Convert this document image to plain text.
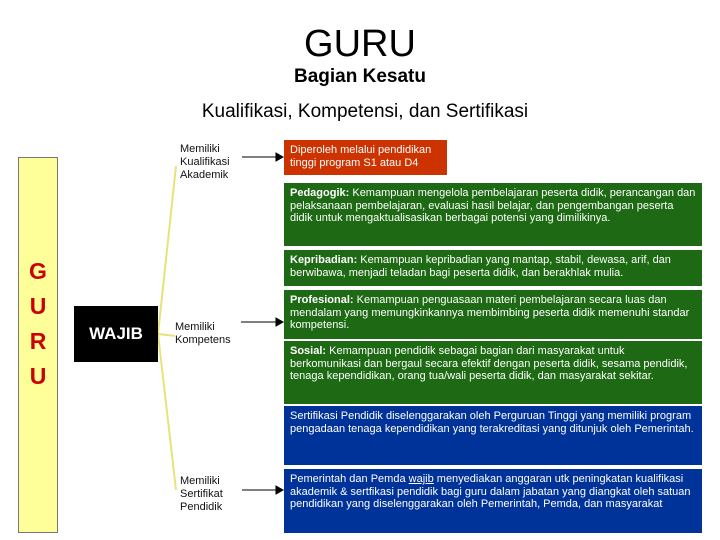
GURU
Bagian Kesatu
Kualifikasi, Kompetensi, dan Sertifikasi
G
U
R
U
WAJIB
Memiliki
Kualifikasi
Akademik
Memiliki
Kompetens
Memiliki
Sertifikat
Pendidik
Diperoleh melalui pendidikan tinggi program S1 atau D4
Pedagogik: Kemampuan mengelola pembelajaran peserta didik, perancangan dan pelaksanaan pembelajaran, evaluasi hasil belajar, dan pengembangan peserta didik untuk mengaktualisasikan berbagai potensi yang dimilikinya.
Kepribadian: Kemampuan kepribadian yang mantap, stabil, dewasa, arif, dan berwibawa, menjadi teladan bagi peserta didik, dan berakhlak mulia.
Profesional: Kemampuan penguasaan materi pembelajaran secara luas dan mendalam yang memungkinkannya membimbing peserta didik memenuhi standar kompetensi.
Sosial: Kemampuan pendidik sebagai bagian dari masyarakat untuk berkomunikasi dan bergaul secara efektif dengan peserta didik, sesama pendidik, tenaga kependidikan, orang tua/wali peserta didik, dan masyarakat sekitar.
Sertifikasi Pendidik diselenggarakan oleh Perguruan Tinggi yang memiliki program pengadaan tenaga kependidikan yang terakreditasi yang ditunjuk oleh Pemerintah.
Pemerintah dan Pemda wajib menyediakan anggaran utk peningkatan kualifikasi akademik & sertfikasi pendidik bagi guru dalam jabatan yang diangkat oleh satuan pendidikan yang diselenggarakan oleh Pemerintah, Pemda, dan masyarakat
